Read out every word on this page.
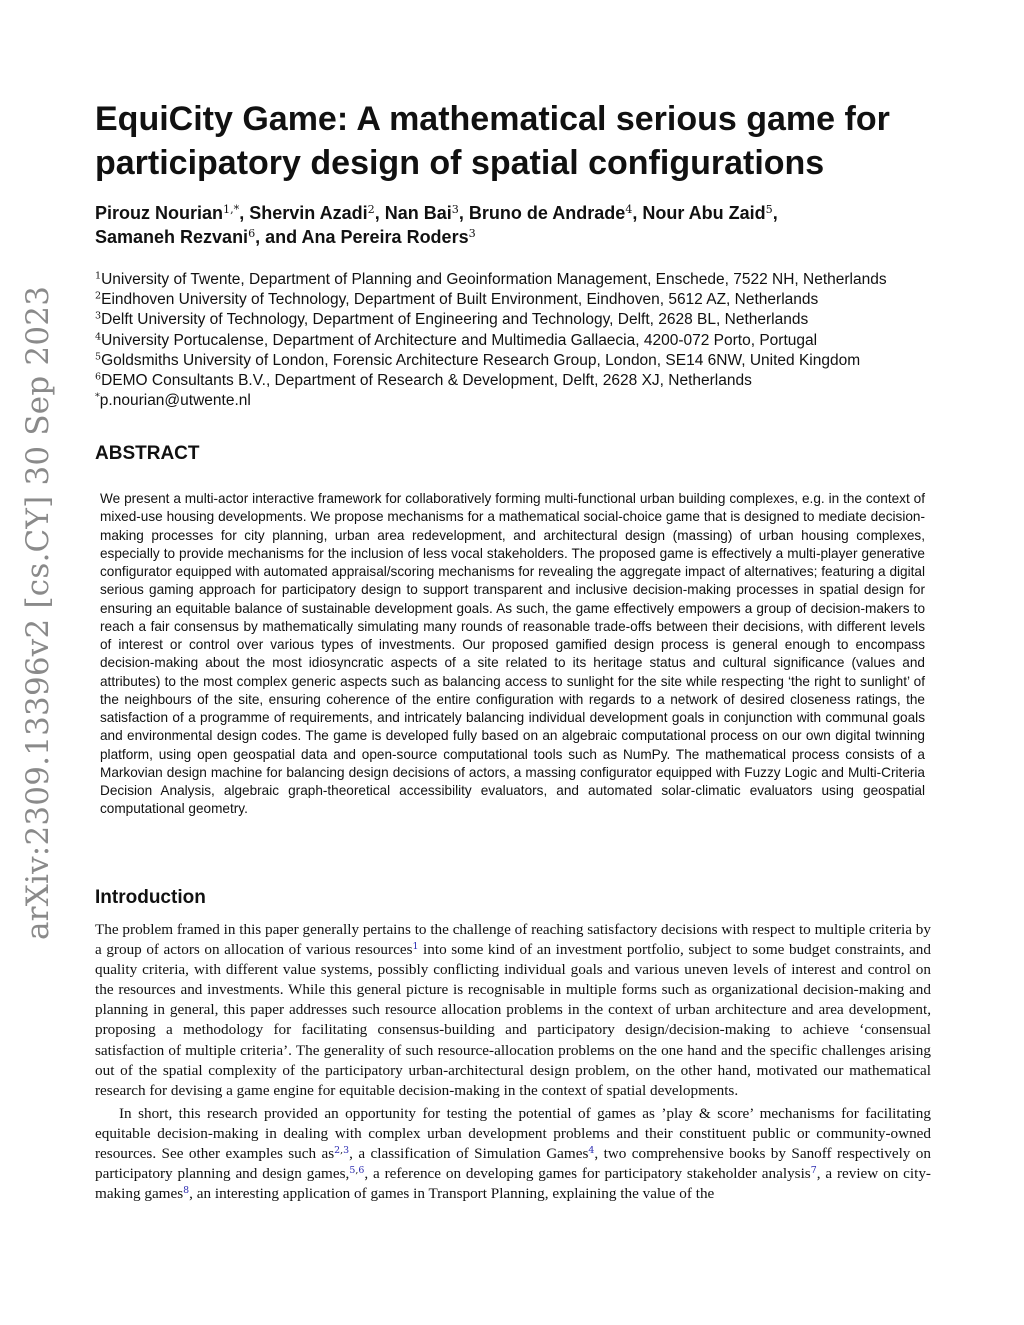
arXiv:2309.13396v2 [cs.CY] 30 Sep 2023
EquiCity Game: A mathematical serious game for
participatory design of spatial configurations
Pirouz Nourian$^{1,*}$, Shervin Azadi$^2$, Nan Bai$^3$, Bruno de Andrade$^4$, Nour Abu Zaid$^5$,
Samaneh Rezvani$^6$, and Ana Pereira Roders$^3$
$^1$University of Twente, Department of Planning and Geoinformation Management, Enschede, 7522 NH, Netherlands
$^2$Eindhoven University of Technology, Department of Built Environment, Eindhoven, 5612 AZ, Netherlands
$^3$Delft University of Technology, Department of Engineering and Technology, Delft, 2628 BL, Netherlands
$^4$University Portucalense, Department of Architecture and Multimedia Gallaecia, 4200-072 Porto, Portugal
$^5$Goldsmiths University of London, Forensic Architecture Research Group, London, SE14 6NW, United Kingdom
$^6$DEMO Consultants B.V., Department of Research & Development, Delft, 2628 XJ, Netherlands
*p.nourian@utwente.nl
ABSTRACT

We present a multi-actor interactive framework for collaboratively forming multi-functional urban building complexes, e.g. in the context of mixed-use housing developments. We propose mechanisms for a mathematical social-choice game that is designed to mediate decision-making processes for city planning, urban area redevelopment, and architectural design (massing) of urban housing complexes, especially to provide mechanisms for the inclusion of less vocal stakeholders. The proposed game is effectively a multi-player generative configurator equipped with automated appraisal/scoring mechanisms for revealing the aggregate impact of alternatives; featuring a digital serious gaming approach for participatory design to support transparent and inclusive decision-making processes in spatial design for ensuring an equitable balance of sustainable development goals. As such, the game effectively empowers a group of decision-makers to reach a fair consensus by mathematically simulating many rounds of reasonable trade-offs between their decisions, with different levels of interest or control over various types of investments. Our proposed gamified design process is general enough to encompass decision-making about the most idiosyncratic aspects of a site related to its heritage status and cultural significance (values and attributes) to the most complex generic aspects such as balancing access to sunlight for the site while respecting ‘the right to sunlight’ of the neighbours of the site, ensuring coherence of the entire configuration with regards to a network of desired closeness ratings, the satisfaction of a programme of requirements, and intricately balancing individual development goals in conjunction with communal goals and environmental design codes. The game is developed fully based on an algebraic computational process on our own digital twinning platform, using open geospatial data and open-source computational tools such as NumPy. The mathematical process consists of a Markovian design machine for balancing design decisions of actors, a massing configurator equipped with Fuzzy Logic and Multi-Criteria Decision Analysis, algebraic graph-theoretical accessibility evaluators, and automated solar-climatic evaluators using geospatial computational geometry.

Introduction

The problem framed in this paper generally pertains to the challenge of reaching satisfactory decisions with respect to multiple criteria by a group of actors on allocation of various resources$^1$ into some kind of an investment portfolio, subject to some budget constraints, and quality criteria, with different value systems, possibly conflicting individual goals and various uneven levels of interest and control on the resources and investments. While this general picture is recognisable in multiple forms such as organizational decision-making and planning in general, this paper addresses such resource allocation problems in the context of urban architecture and area development, proposing a methodology for facilitating consensus-building and participatory design/decision-making to achieve ‘consensual satisfaction of multiple criteria’. The generality of such resource-allocation problems on the one hand and the specific challenges arising out of the spatial complexity of the participatory urban-architectural design problem, on the other hand, motivated our mathematical research for devising a game engine for equitable decision-making in the context of spatial developments.

In short, this research provided an opportunity for testing the potential of games as ’play & score’ mechanisms for facilitating equitable decision-making in dealing with complex urban development problems and their constituent public or community-owned resources. See other examples such as$^{2,3}$, a classification of Simulation Games$^4$, two comprehensive books by Sanoff respectively on participatory planning and design games,$^{5,6}$, a reference on developing games for participatory stakeholder analysis$^7$, a review on city-making games$^8$, an interesting application of games in Transport Planning, explaining the value of the
